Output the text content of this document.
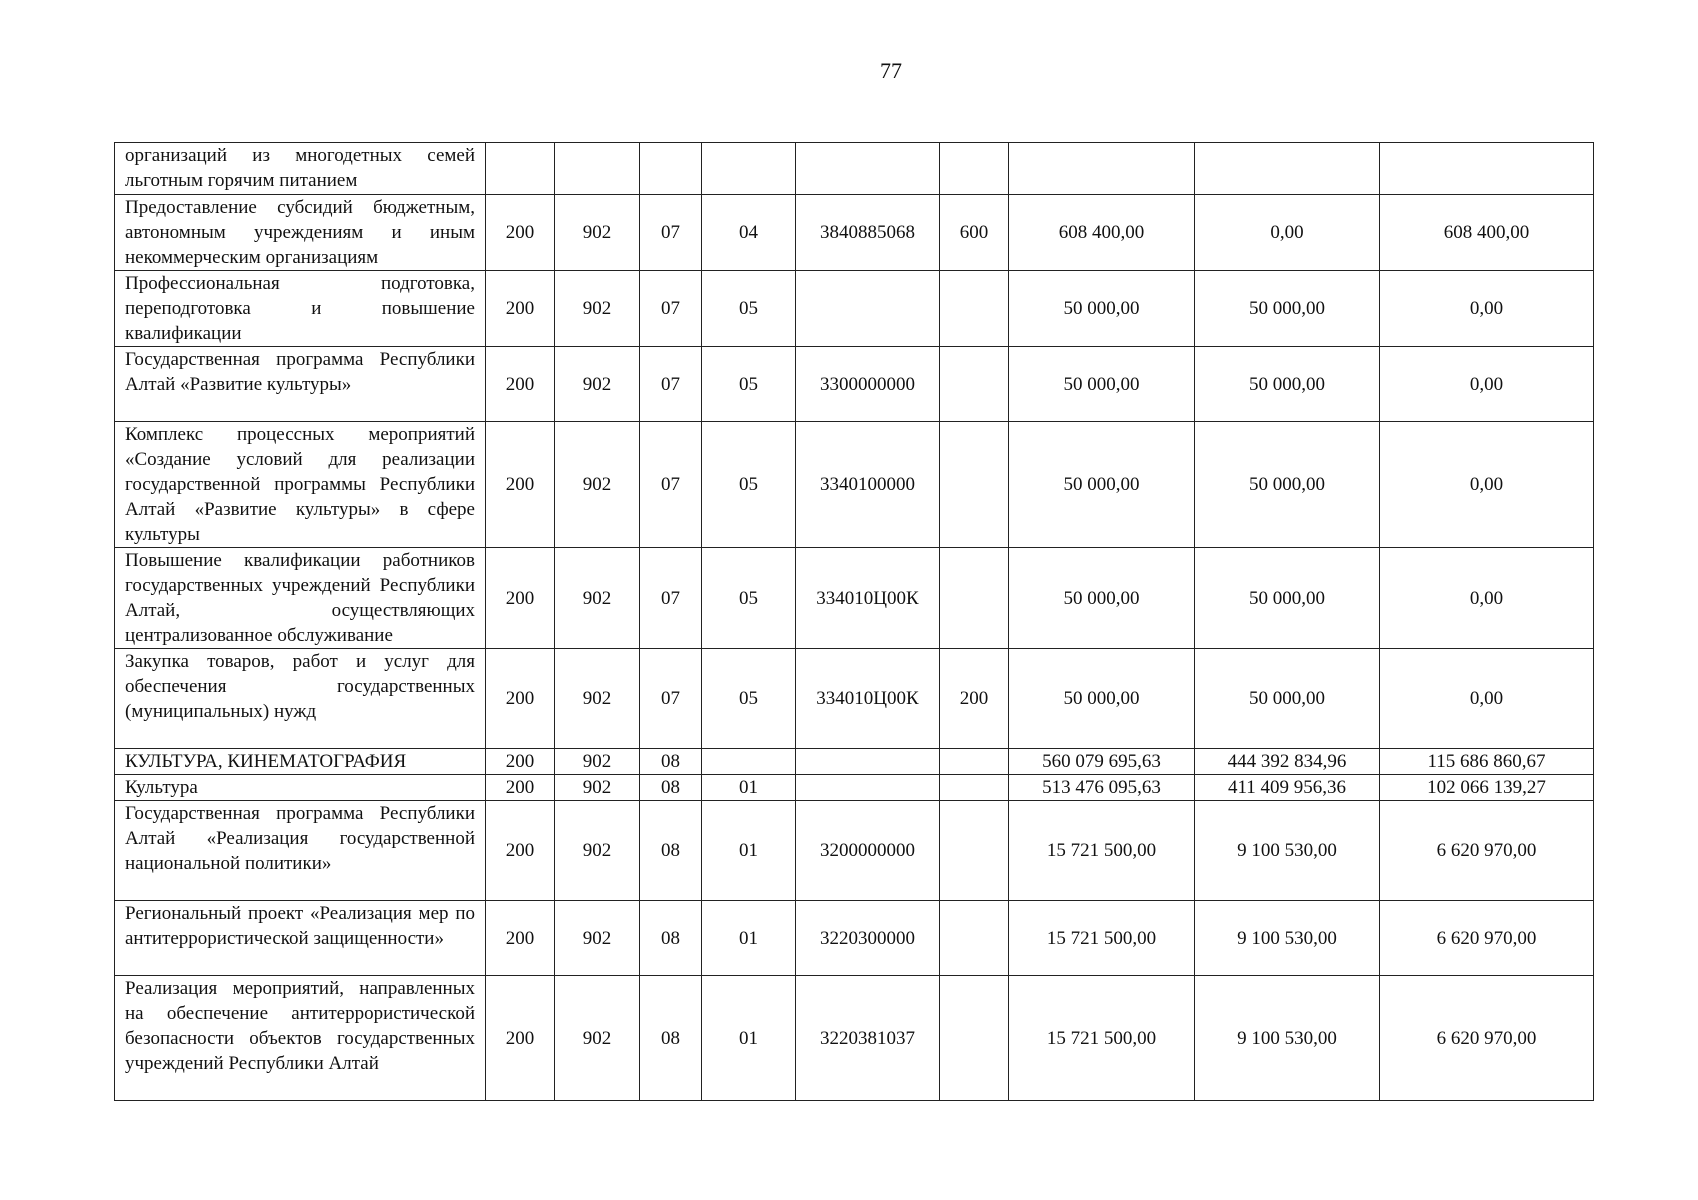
77
организаций из многодетных семей льготным горячим питанием									
Предоставление субсидий бюджетным, автономным учреждениям и иным некоммерческим организациям	200	902	07	04	3840885068	600	608 400,00	0,00	608 400,00
Профессиональная подготовка, переподготовка и повышение квалификации	200	902	07	05			50 000,00	50 000,00	0,00
Государственная программа Республики Алтай «Развитие культуры»	200	902	07	05	3300000000		50 000,00	50 000,00	0,00
Комплекс процессных мероприятий «Создание условий для реализации государственной программы Республики Алтай «Развитие культуры» в сфере культуры	200	902	07	05	3340100000		50 000,00	50 000,00	0,00
Повышение квалификации работников государственных учреждений Республики Алтай, осуществляющих централизованное обслуживание	200	902	07	05	334010Ц00К		50 000,00	50 000,00	0,00
Закупка товаров, работ и услуг для обеспечения государственных (муниципальных) нужд	200	902	07	05	334010Ц00К	200	50 000,00	50 000,00	0,00
КУЛЬТУРА, КИНЕМАТОГРАФИЯ	200	902	08				560 079 695,63	444 392 834,96	115 686 860,67
Культура	200	902	08	01			513 476 095,63	411 409 956,36	102 066 139,27
Государственная программа Республики Алтай «Реализация государственной национальной политики»	200	902	08	01	3200000000		15 721 500,00	9 100 530,00	6 620 970,00
Региональный проект «Реализация мер по антитеррористической защищенности»	200	902	08	01	3220300000		15 721 500,00	9 100 530,00	6 620 970,00
Реализация мероприятий, направленных на обеспечение антитеррористической безопасности объектов государственных учреждений Республики Алтай	200	902	08	01	3220381037		15 721 500,00	9 100 530,00	6 620 970,00
